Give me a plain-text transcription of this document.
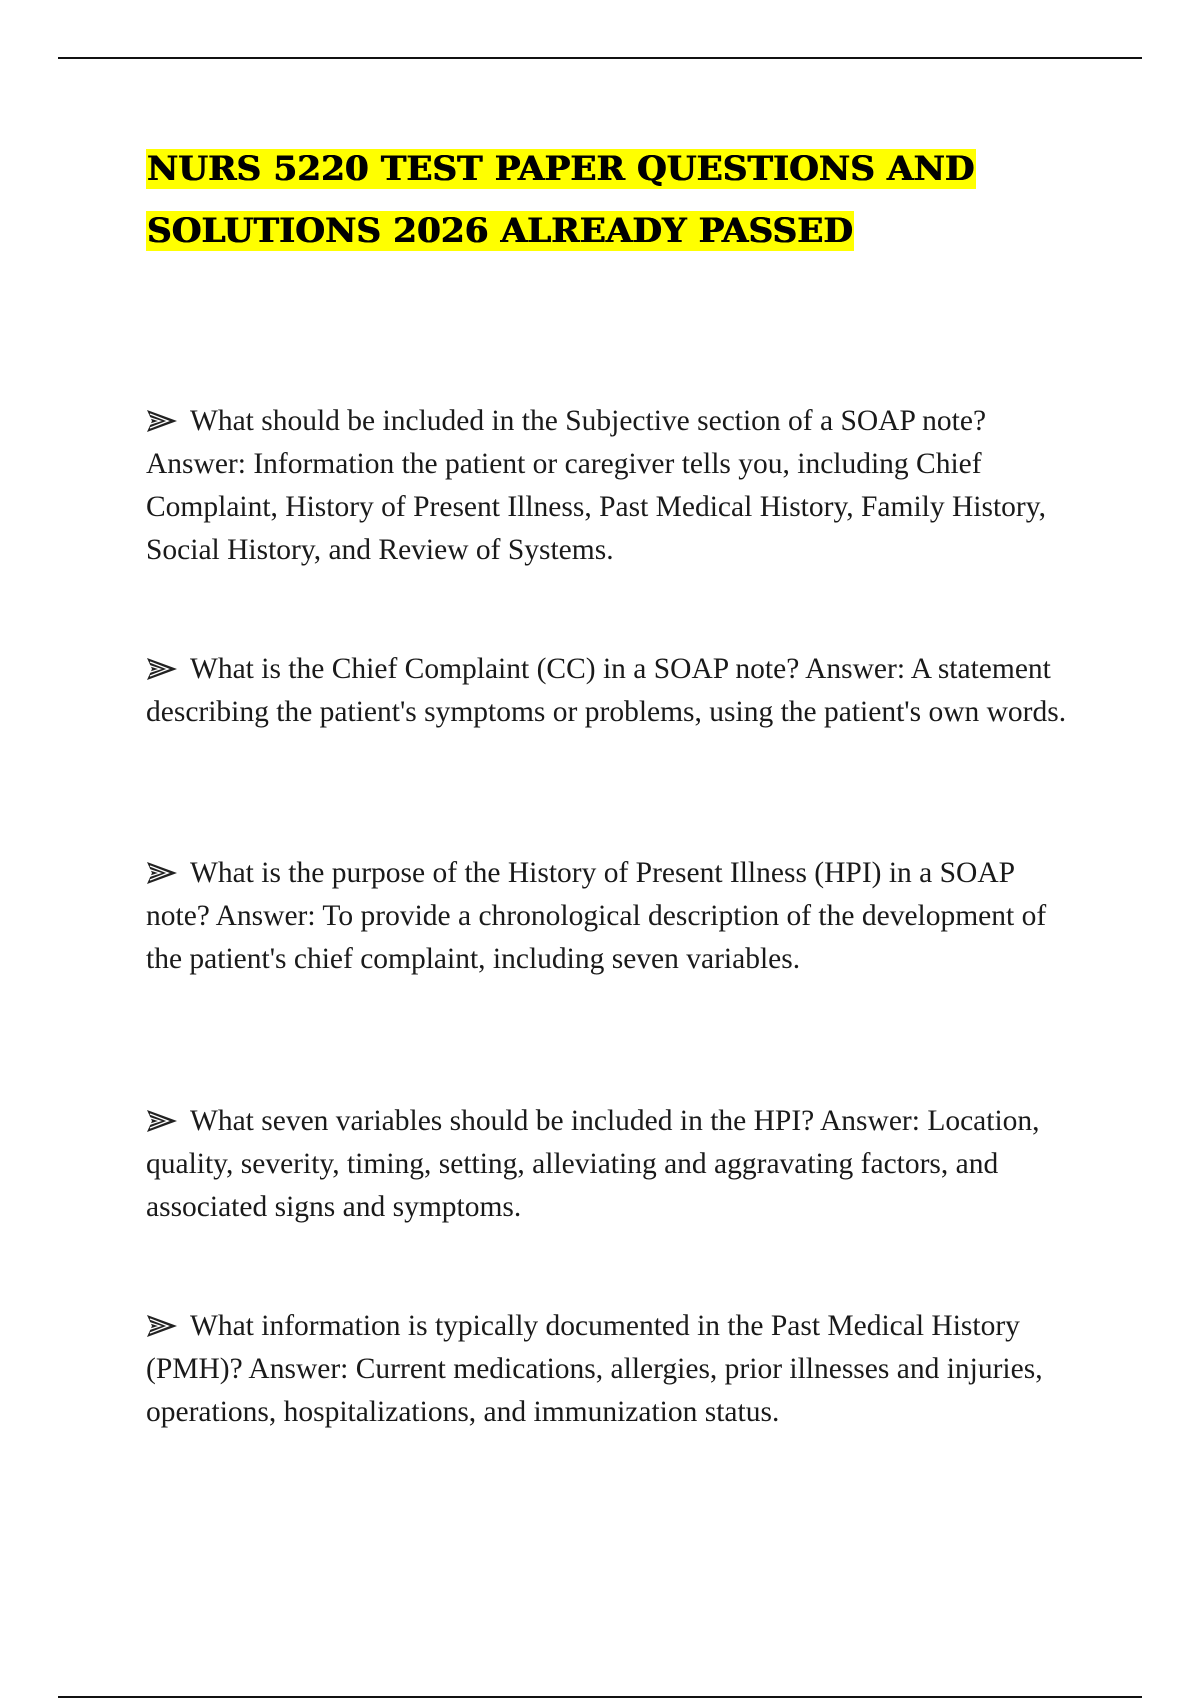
NURS 5220 TEST PAPER QUESTIONS AND
SOLUTIONS 2026 ALREADY PASSED

What should be included in the Subjective section of a SOAP note? Answer: Information the patient or caregiver tells you, including Chief Complaint, History of Present Illness, Past Medical History, Family History, Social History, and Review of Systems.

What is the Chief Complaint (CC) in a SOAP note? Answer: A statement describing the patient's symptoms or problems, using the patient's own words.

What is the purpose of the History of Present Illness (HPI) in a SOAP note? Answer: To provide a chronological description of the development of the patient's chief complaint, including seven variables.

What seven variables should be included in the HPI? Answer: Location, quality, severity, timing, setting, alleviating and aggravating factors, and associated signs and symptoms.

What information is typically documented in the Past Medical History (PMH)? Answer: Current medications, allergies, prior illnesses and injuries, operations, hospitalizations, and immunization status.
